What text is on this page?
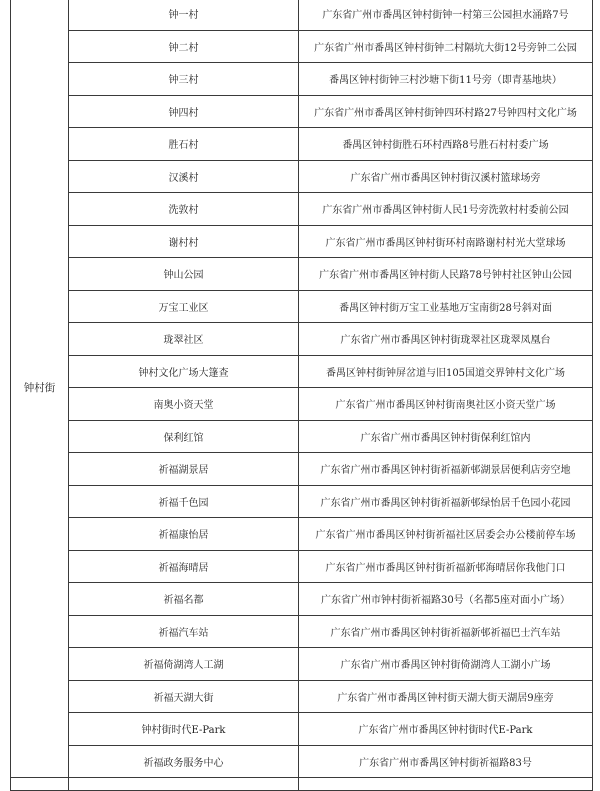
钟村街	钟一村	广东省广州市番禺区钟村街钟一村第三公园担水涌路7号
	钟二村	广东省广州市番禺区钟村街钟二村隔坑大街12号旁钟二公园
	钟三村	番禺区钟村街钟三村沙塘下街11号旁（即青基地块）
	钟四村	广东省广州市番禺区钟村街钟四环村路27号钟四村文化广场
	胜石村	番禺区钟村街胜石环村西路8号胜石村村委广场
	汉溪村	广东省广州市番禺区钟村街汉溪村篮球场旁
	洗敦村	广东省广州市番禺区钟村街人民1号旁洗敦村村委前公园
	谢村村	广东省广州市番禺区钟村街环村南路谢村村光大堂球场
	钟山公园	广东省广州市番禺区钟村街人民路78号钟村社区钟山公园
	万宝工业区	番禺区钟村街万宝工业基地万宝南街28号斜对面
	珑翠社区	广东省广州市番禺区钟村街珑翠社区珑翠凤凰台
	钟村文化广场大篷查	番禺区钟村街钟屏岔道与旧105国道交界钟村文化广场
	南奥小资天堂	广东省广州市番禺区钟村街南奥社区小资天堂广场
	保利红馆	广东省广州市番禺区钟村街保利红馆内
	祈福湖景居	广东省广州市番禺区钟村街祈福新邨湖景居便利店旁空地
	祈福千色园	广东省广州市番禺区钟村街祈福新邨绿怡居千色园小花园
	祈福康怡居	广东省广州市番禺区钟村街祈福社区居委会办公楼前停车场
	祈福海晴居	广东省广州市番禺区钟村街祈福新邨海晴居你我他门口
	祈福名都	广东省广州市钟村街祈福路30号（名都5座对面小广场）
	祈福汽车站	广东省广州市番禺区钟村街祈福新邨祈福巴士汽车站
	祈福倚湖湾人工湖	广东省广州市番禺区钟村街倚湖湾人工湖小广场
	祈福天湖大街	广东省广州市番禺区钟村街天湖大街天湖居9座旁
	钟村街时代E-Park	广东省广州市番禺区钟村街时代E-Park
	祈福政务服务中心	广东省广州市番禺区钟村街祈福路83号
